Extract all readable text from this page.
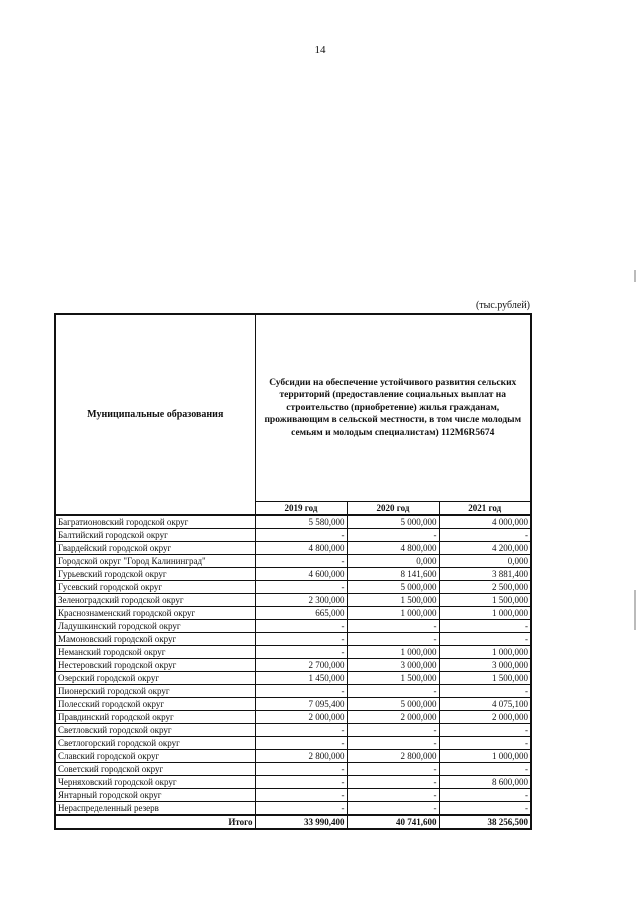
14
(тыс.рублей)
Муниципальные образования	Субсидии на обеспечение устойчивого развития сельских территорий (предоставление социальных выплат на строительство (приобретение) жилья гражданам, проживающим в сельской местности, в том числе молодым семьям и молодым специалистам) 112M6R5674		
	2019 год	2020 год	2021 год
Багратионовский городской округ	5 580,000	5 000,000	4 000,000
Балтийский городской округ	-	-	-
Гвардейский городской округ	4 800,000	4 800,000	4 200,000
Городской округ "Город Калининград"	-	0,000	0,000
Гурьевский городской округ	4 600,000	8 141,600	3 881,400
Гусевский городской округ	-	5 000,000	2 500,000
Зеленоградский городской округ	2 300,000	1 500,000	1 500,000
Краснознаменский городской округ	665,000	1 000,000	1 000,000
Ладушкинский городской округ	-	-	-
Мамоновский городской округ	-	-	-
Неманский городской округ	-	1 000,000	1 000,000
Нестеровский городской округ	2 700,000	3 000,000	3 000,000
Озерский городской округ	1 450,000	1 500,000	1 500,000
Пионерский городской округ	-	-	-
Полесский городской округ	7 095,400	5 000,000	4 075,100
Правдинский городской округ	2 000,000	2 000,000	2 000,000
Светловский городской округ	-	-	-
Светлогорский городской округ	-	-	-
Славский городской округ	2 800,000	2 800,000	1 000,000
Советский городской округ	-	-	-
Черняховский городской округ	-	-	8 600,000
Янтарный городской округ	-	-	-
Нераспределенный резерв	-	-	-
Итого	33 990,400	40 741,600	38 256,500
